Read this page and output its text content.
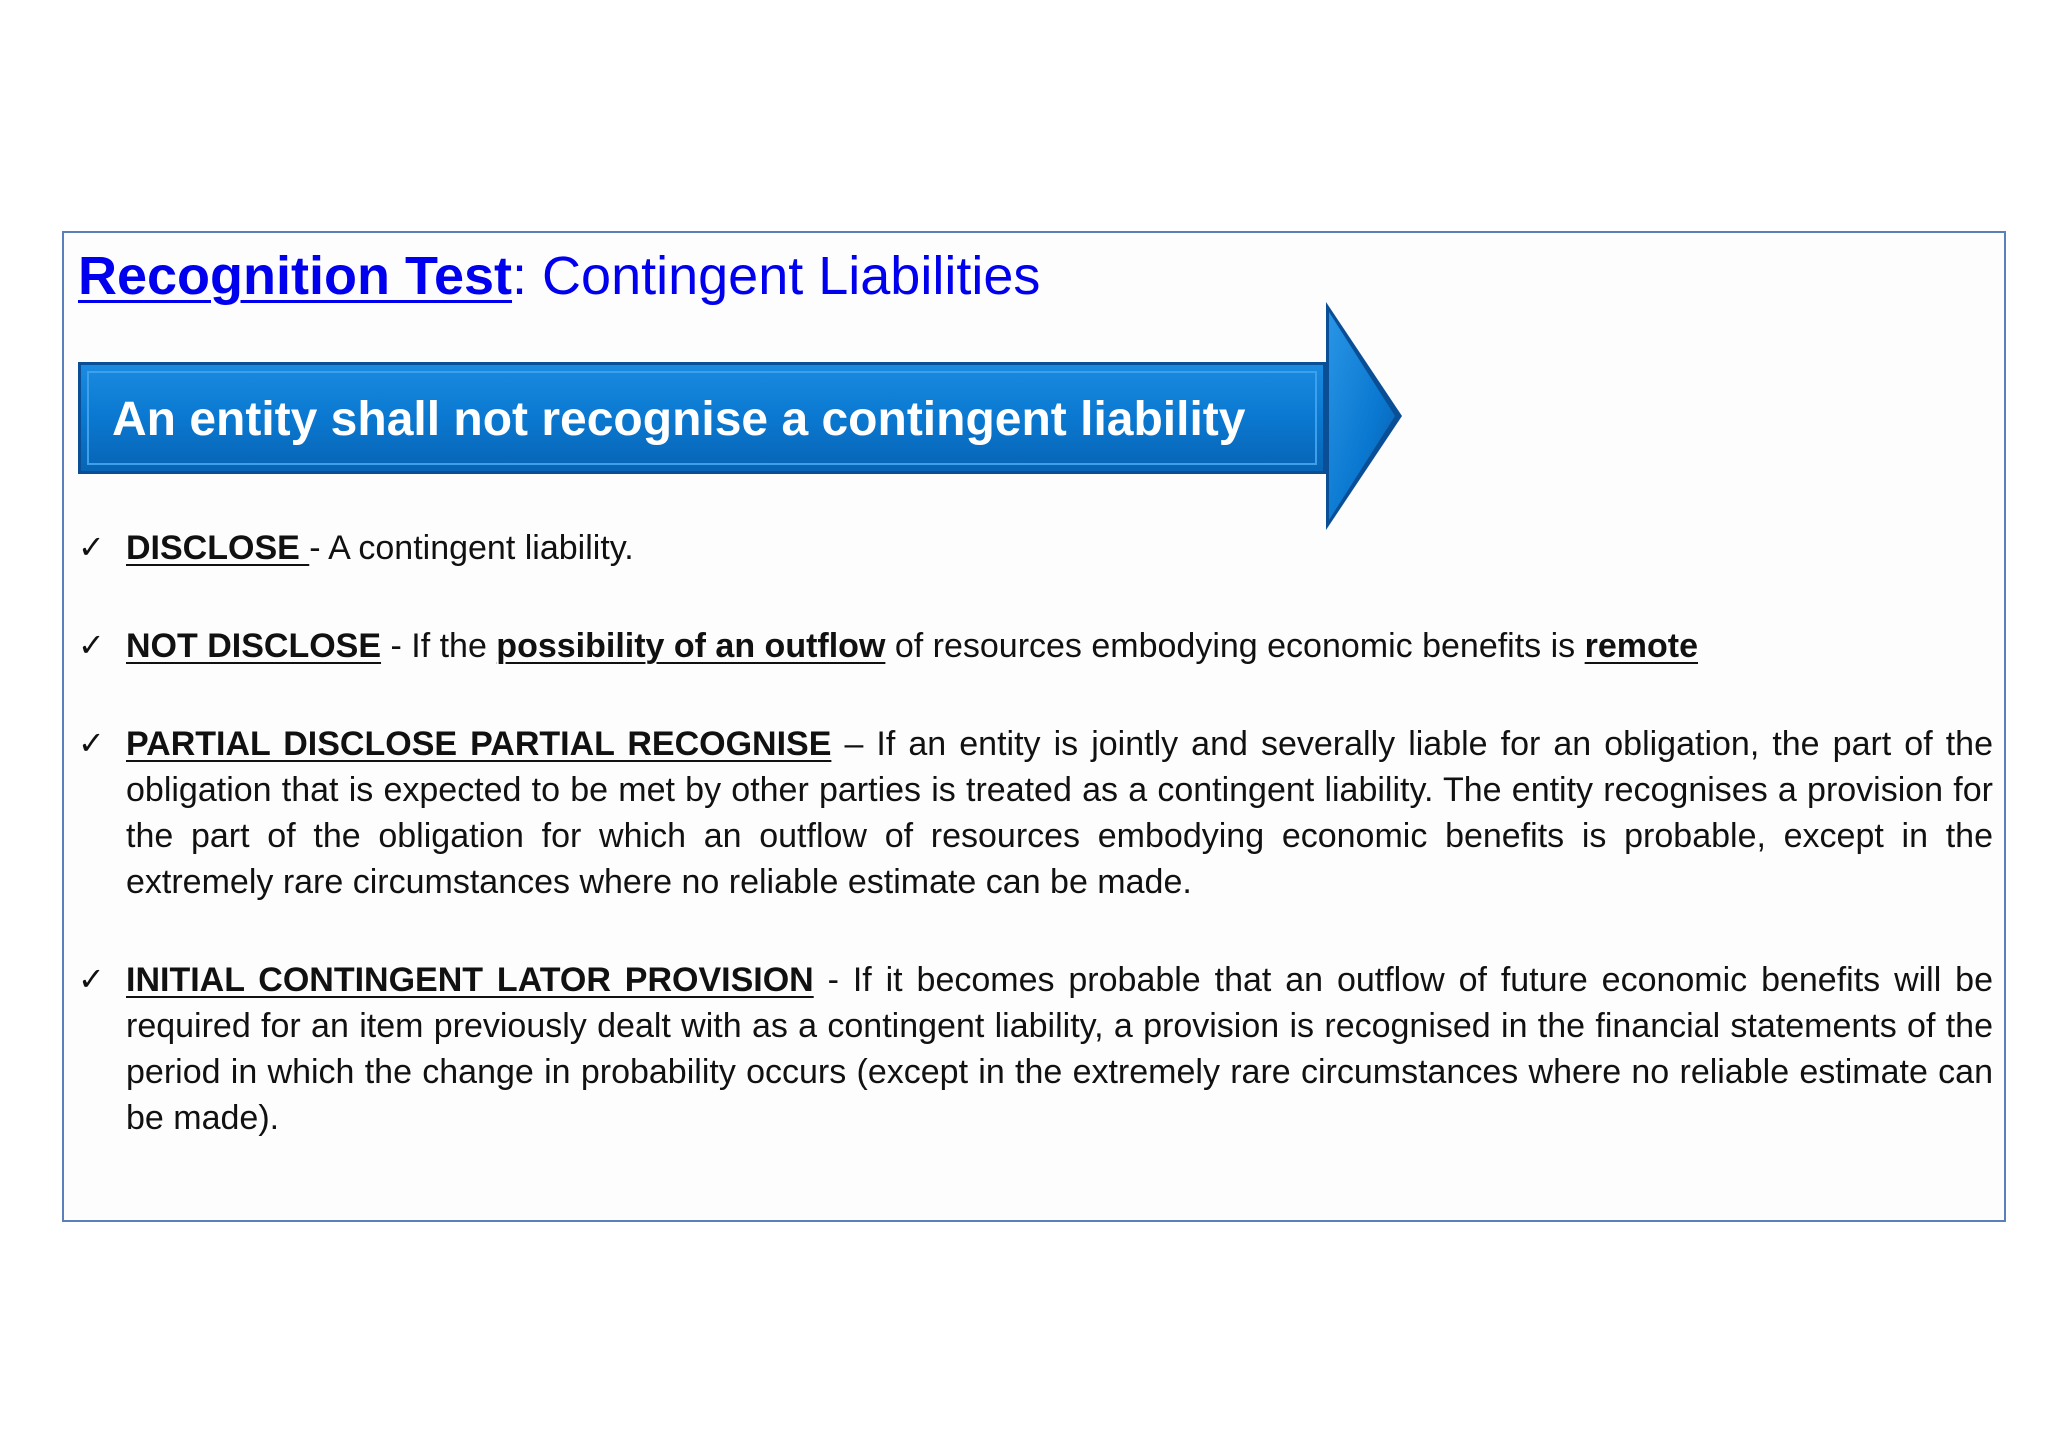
Recognition Test: Contingent Liabilities
An entity shall not recognise a contingent liability
✓ DISCLOSE - A contingent liability.
✓ NOT DISCLOSE - If the possibility of an outflow of resources embodying economic benefits is remote
✓ PARTIAL DISCLOSE PARTIAL RECOGNISE – If an entity is jointly and severally liable for an obligation, the part of the obligation that is expected to be met by other parties is treated as a contingent liability. The entity recognises a provision for the part of the obligation for which an outflow of resources embodying economic benefits is probable, except in the extremely rare circumstances where no reliable estimate can be made.
✓ INITIAL CONTINGENT LATOR PROVISION - If it becomes probable that an outflow of future economic benefits will be required for an item previously dealt with as a contingent liability, a provision is recognised in the financial statements of the period in which the change in probability occurs (except in the extremely rare circumstances where no reliable estimate can be made).
